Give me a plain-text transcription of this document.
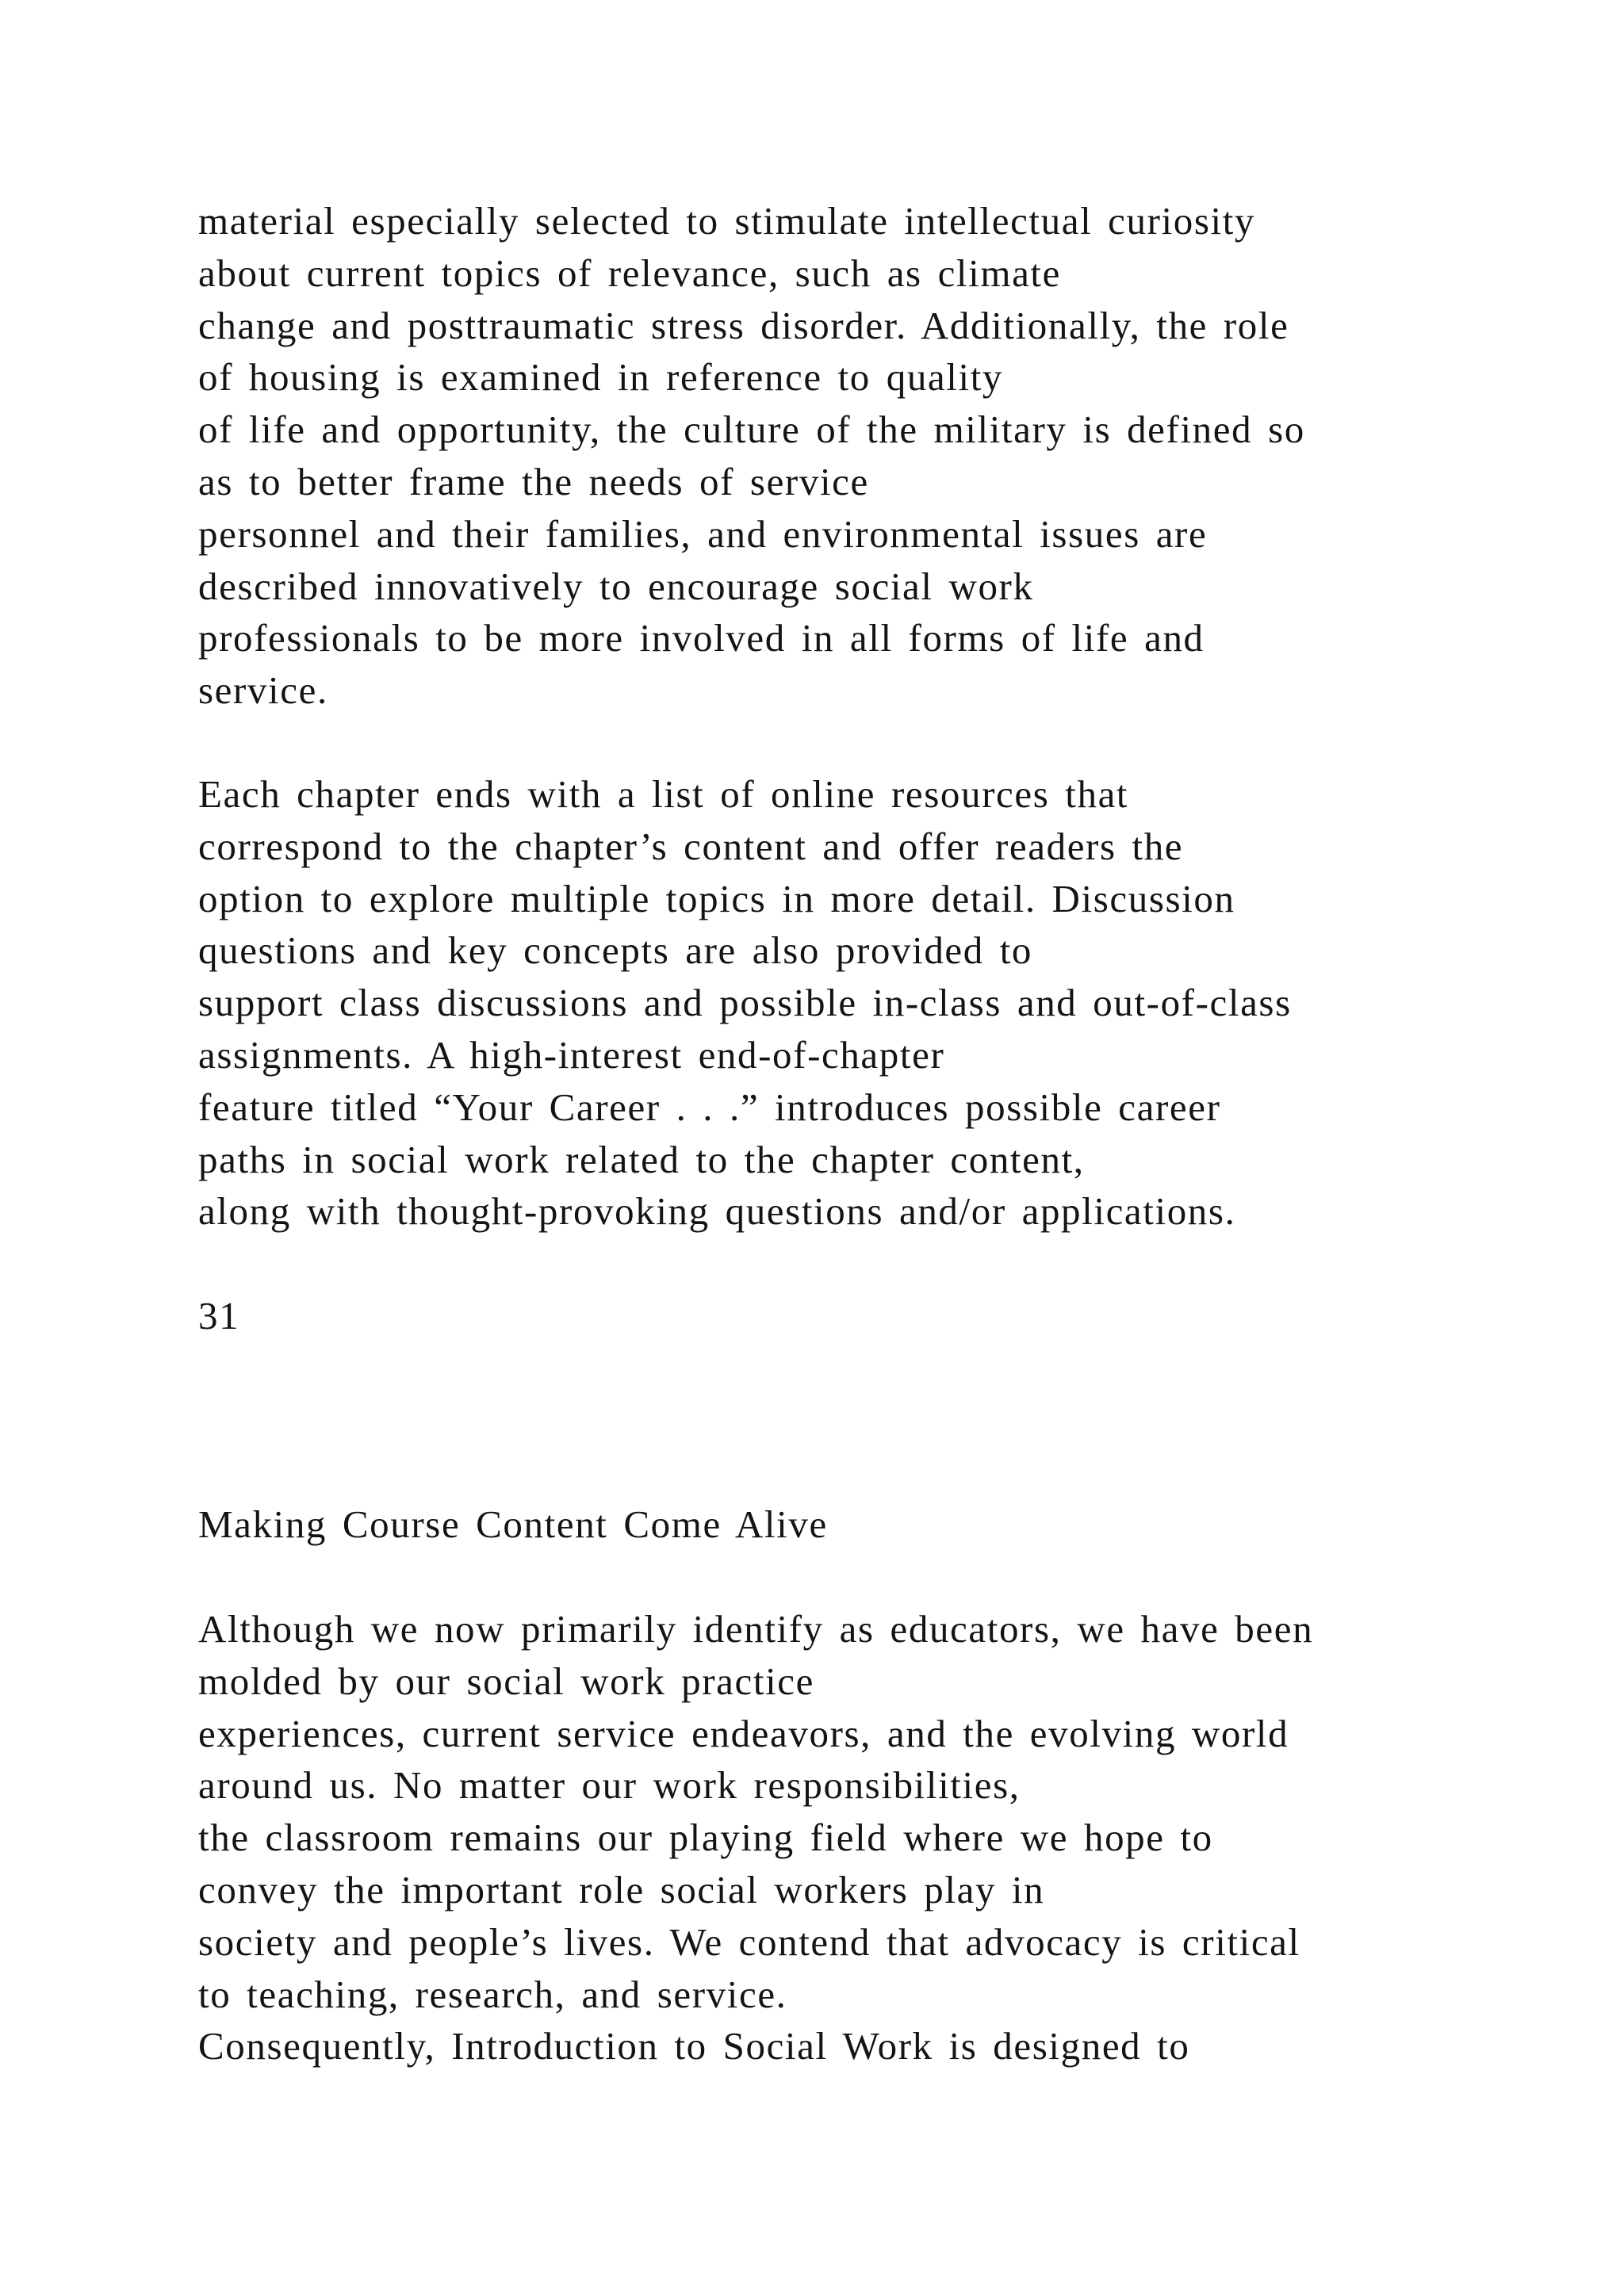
material especially selected to stimulate intellectual curiosity
about current topics of relevance, such as climate
change and posttraumatic stress disorder. Additionally, the role
of housing is examined in reference to quality
of life and opportunity, the culture of the military is defined so
as to better frame the needs of service
personnel and their families, and environmental issues are
described innovatively to encourage social work
professionals to be more involved in all forms of life and
service.
Each chapter ends with a list of online resources that
correspond to the chapter’s content and offer readers the
option to explore multiple topics in more detail. Discussion
questions and key concepts are also provided to
support class discussions and possible in-class and out-of-class
assignments. A high-interest end-of-chapter
feature titled “Your Career . . .” introduces possible career
paths in social work related to the chapter content,
along with thought-provoking questions and/or applications.
31
Making Course Content Come Alive
Although we now primarily identify as educators, we have been
molded by our social work practice
experiences, current service endeavors, and the evolving world
around us. No matter our work responsibilities,
the classroom remains our playing field where we hope to
convey the important role social workers play in
society and people’s lives. We contend that advocacy is critical
to teaching, research, and service.
Consequently, Introduction to Social Work is designed to
